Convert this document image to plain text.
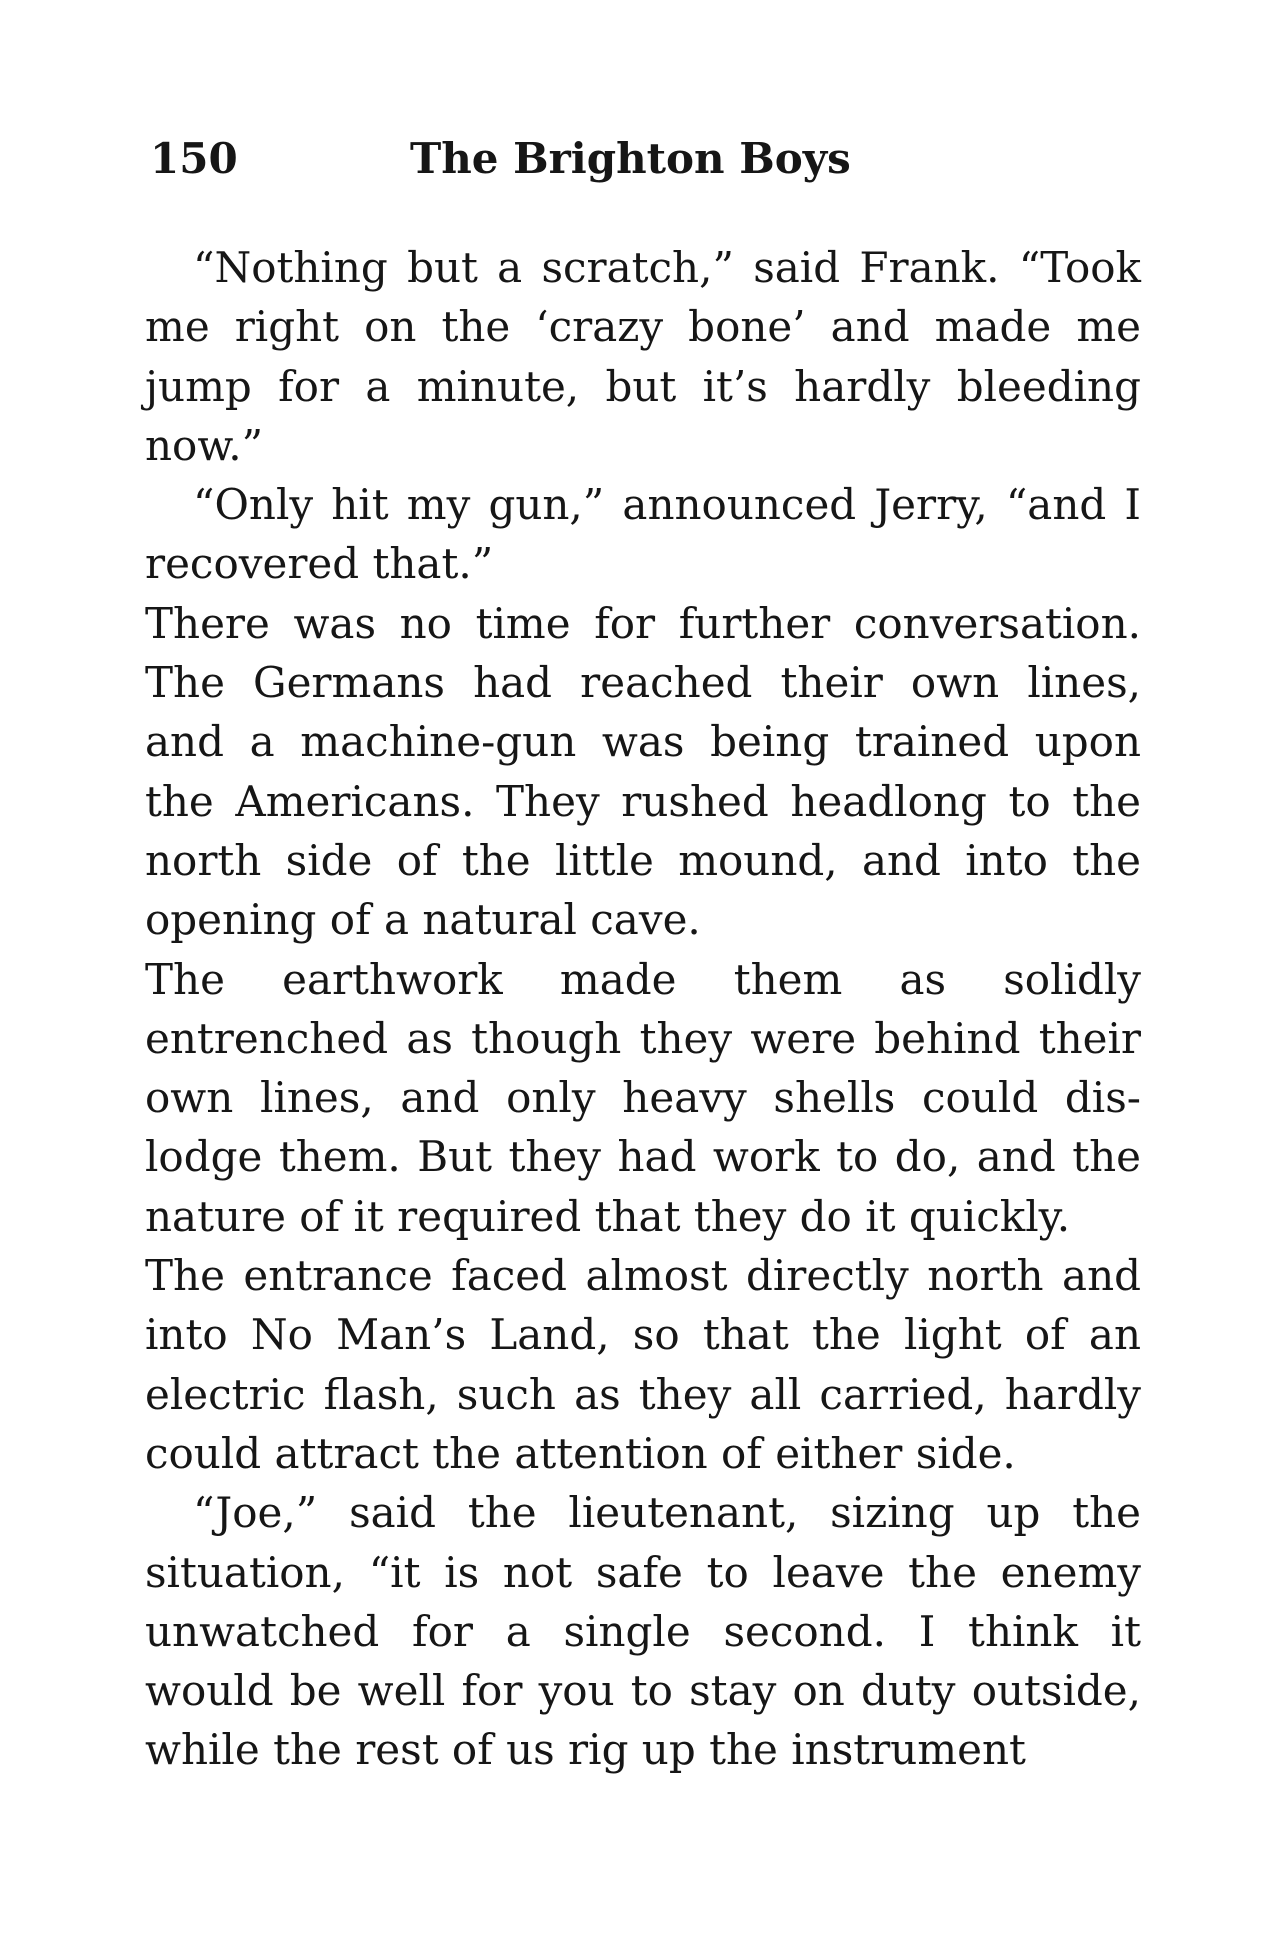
150	The Brighton Boys

“Nothing but a scratch,” said Frank. “Took me right on the ‘crazy bone’ and made me jump for a minute, but it’s hardly bleeding now.”

“Only hit my gun,” announced Jerry, “and I recovered that.”

There was no time for further conversation. The Germans had reached their own lines, and a machine-gun was being trained upon the Americans. They rushed headlong to the north side of the little mound, and into the opening of a natural cave.

The earthwork made them as solidly entrenched as though they were behind their own lines, and only heavy shells could dislodge them. But they had work to do, and the nature of it required that they do it quickly.

The entrance faced almost directly north and into No Man’s Land, so that the light of an electric flash, such as they all carried, hardly could attract the attention of either side.

“Joe,” said the lieutenant, sizing up the situation, “it is not safe to leave the enemy unwatched for a single second. I think it would be well for you to stay on duty outside, while the rest of us rig up the instrument
